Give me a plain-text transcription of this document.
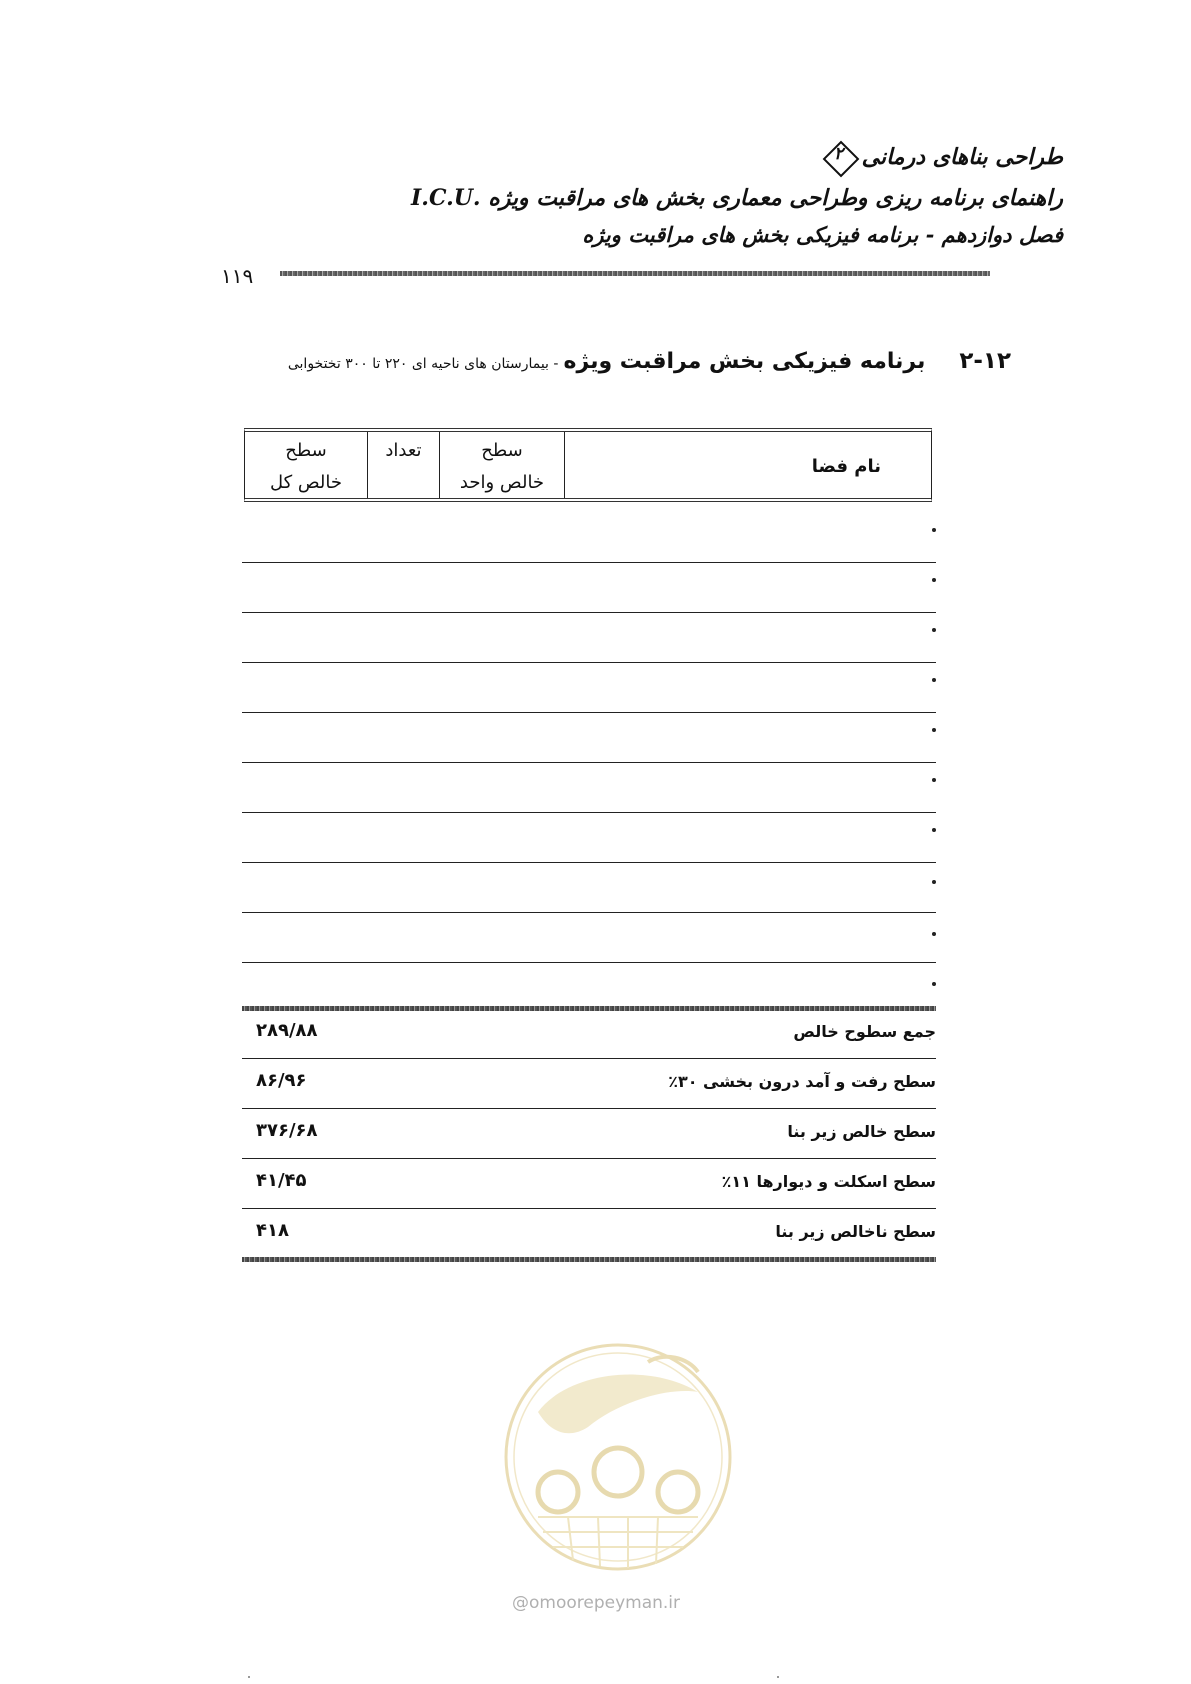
طراحی بناهای درمانی
۲
راهنمای برنامه ریزی وطراحی معماری بخش های مراقبت ویژه .I.C.U
فصل دوازدهم - برنامه فیزیکی بخش های مراقبت ویژه
۱۱۹
۲-۱۲
برنامه فیزیکی بخش مراقبت ویژه - بیمارستان های ناحیه ای ۲۲۰ تا ۳۰۰ تختخوابی
سطح
خالص کل
تعداد	سطح
خالص واحد
نام فضا
جمع سطوح خالص
۲۸۹/۸۸
سطح رفت و آمد درون بخشی ۳۰٪
۸۶/۹۶
سطح خالص زیر بنا
۳۷۶/۶۸
سطح اسکلت و دیوارها ۱۱٪
۴۱/۴۵
سطح ناخالص زیر بنا
۴۱۸
@omoorepeyman.ir
